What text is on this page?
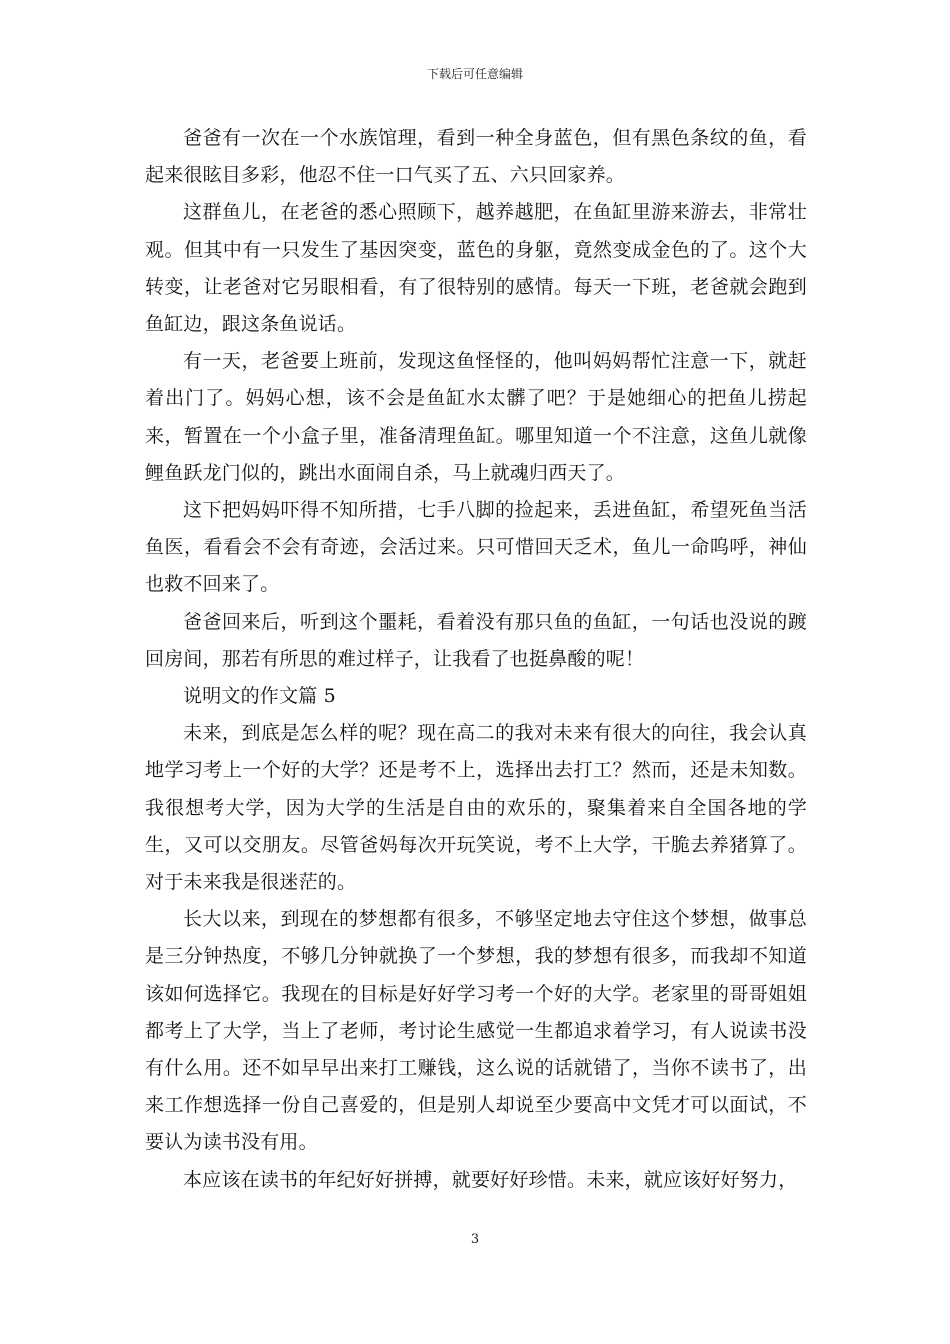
下载后可任意编辑

爸爸有一次在一个水族馆理，看到一种全身蓝色，但有黑色条纹的鱼，看起来很眩目多彩，他忍不住一口气买了五、六只回家养。

这群鱼儿，在老爸的悉心照顾下，越养越肥，在鱼缸里游来游去，非常壮观。但其中有一只发生了基因突变，蓝色的身躯，竟然变成金色的了。这个大转变，让老爸对它另眼相看，有了很特别的感情。每天一下班，老爸就会跑到鱼缸边，跟这条鱼说话。

有一天，老爸要上班前，发现这鱼怪怪的，他叫妈妈帮忙注意一下，就赶着出门了。妈妈心想，该不会是鱼缸水太髒了吧？于是她细心的把鱼儿捞起来，暂置在一个小盒子里，准备清理鱼缸。哪里知道一个不注意，这鱼儿就像鲤鱼跃龙门似的，跳出水面闹自杀，马上就魂归西天了。

这下把妈妈吓得不知所措，七手八脚的捡起来，丢进鱼缸，希望死鱼当活鱼医，看看会不会有奇迹，会活过来。只可惜回天乏术，鱼儿一命呜呼，神仙也救不回来了。

爸爸回来后，听到这个噩耗，看着没有那只鱼的鱼缸，一句话也没说的踱回房间，那若有所思的难过样子，让我看了也挺鼻酸的呢！

说明文的作文篇 5

未来，到底是怎么样的呢？现在高二的我对未来有很大的向往，我会认真地学习考上一个好的大学？还是考不上，选择出去打工？然而，还是未知数。我很想考大学，因为大学的生活是自由的欢乐的，聚集着来自全国各地的学生，又可以交朋友。尽管爸妈每次开玩笑说，考不上大学，干脆去养猪算了。对于未来我是很迷茫的。

长大以来，到现在的梦想都有很多，不够坚定地去守住这个梦想，做事总是三分钟热度，不够几分钟就换了一个梦想，我的梦想有很多，而我却不知道该如何选择它。我现在的目标是好好学习考一个好的大学。老家里的哥哥姐姐都考上了大学，当上了老师，考讨论生感觉一生都追求着学习，有人说读书没有什么用。还不如早早出来打工赚钱，这么说的话就错了，当你不读书了，出来工作想选择一份自己喜爱的，但是别人却说至少要高中文凭才可以面试，不要认为读书没有用。

本应该在读书的年纪好好拼搏，就要好好珍惜。未来，就应该好好努力，

3
